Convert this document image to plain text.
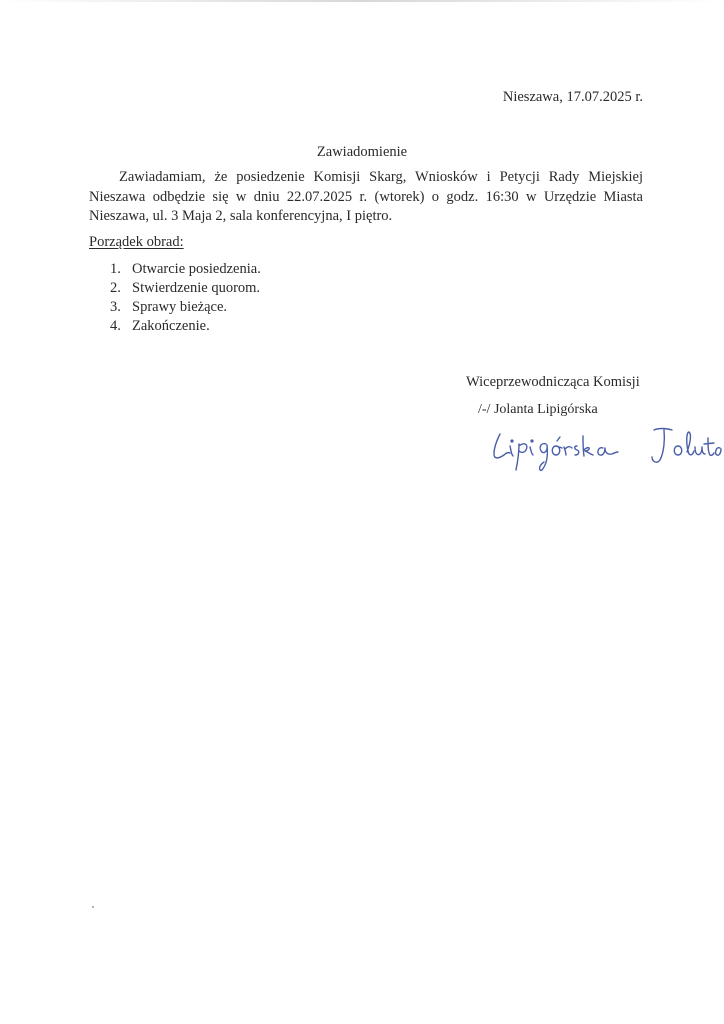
Nieszawa, 17.07.2025 r.
Zawiadomienie

Zawiadamiam, że posiedzenie Komisji Skarg, Wniosków i Petycji Rady Miejskiej Nieszawa odbędzie się w dniu 22.07.2025 r. (wtorek) o godz. 16:30 w Urzędzie Miasta Nieszawa, ul. 3 Maja 2, sala konferencyjna, I piętro.

Porządek obrad:
1. Otwarcie posiedzenia.
2. Stwierdzenie quorom.
3. Sprawy bieżące.
4. Zakończenie.
Wiceprzewodnicząca Komisji
/-/ Jolanta Lipigórska
